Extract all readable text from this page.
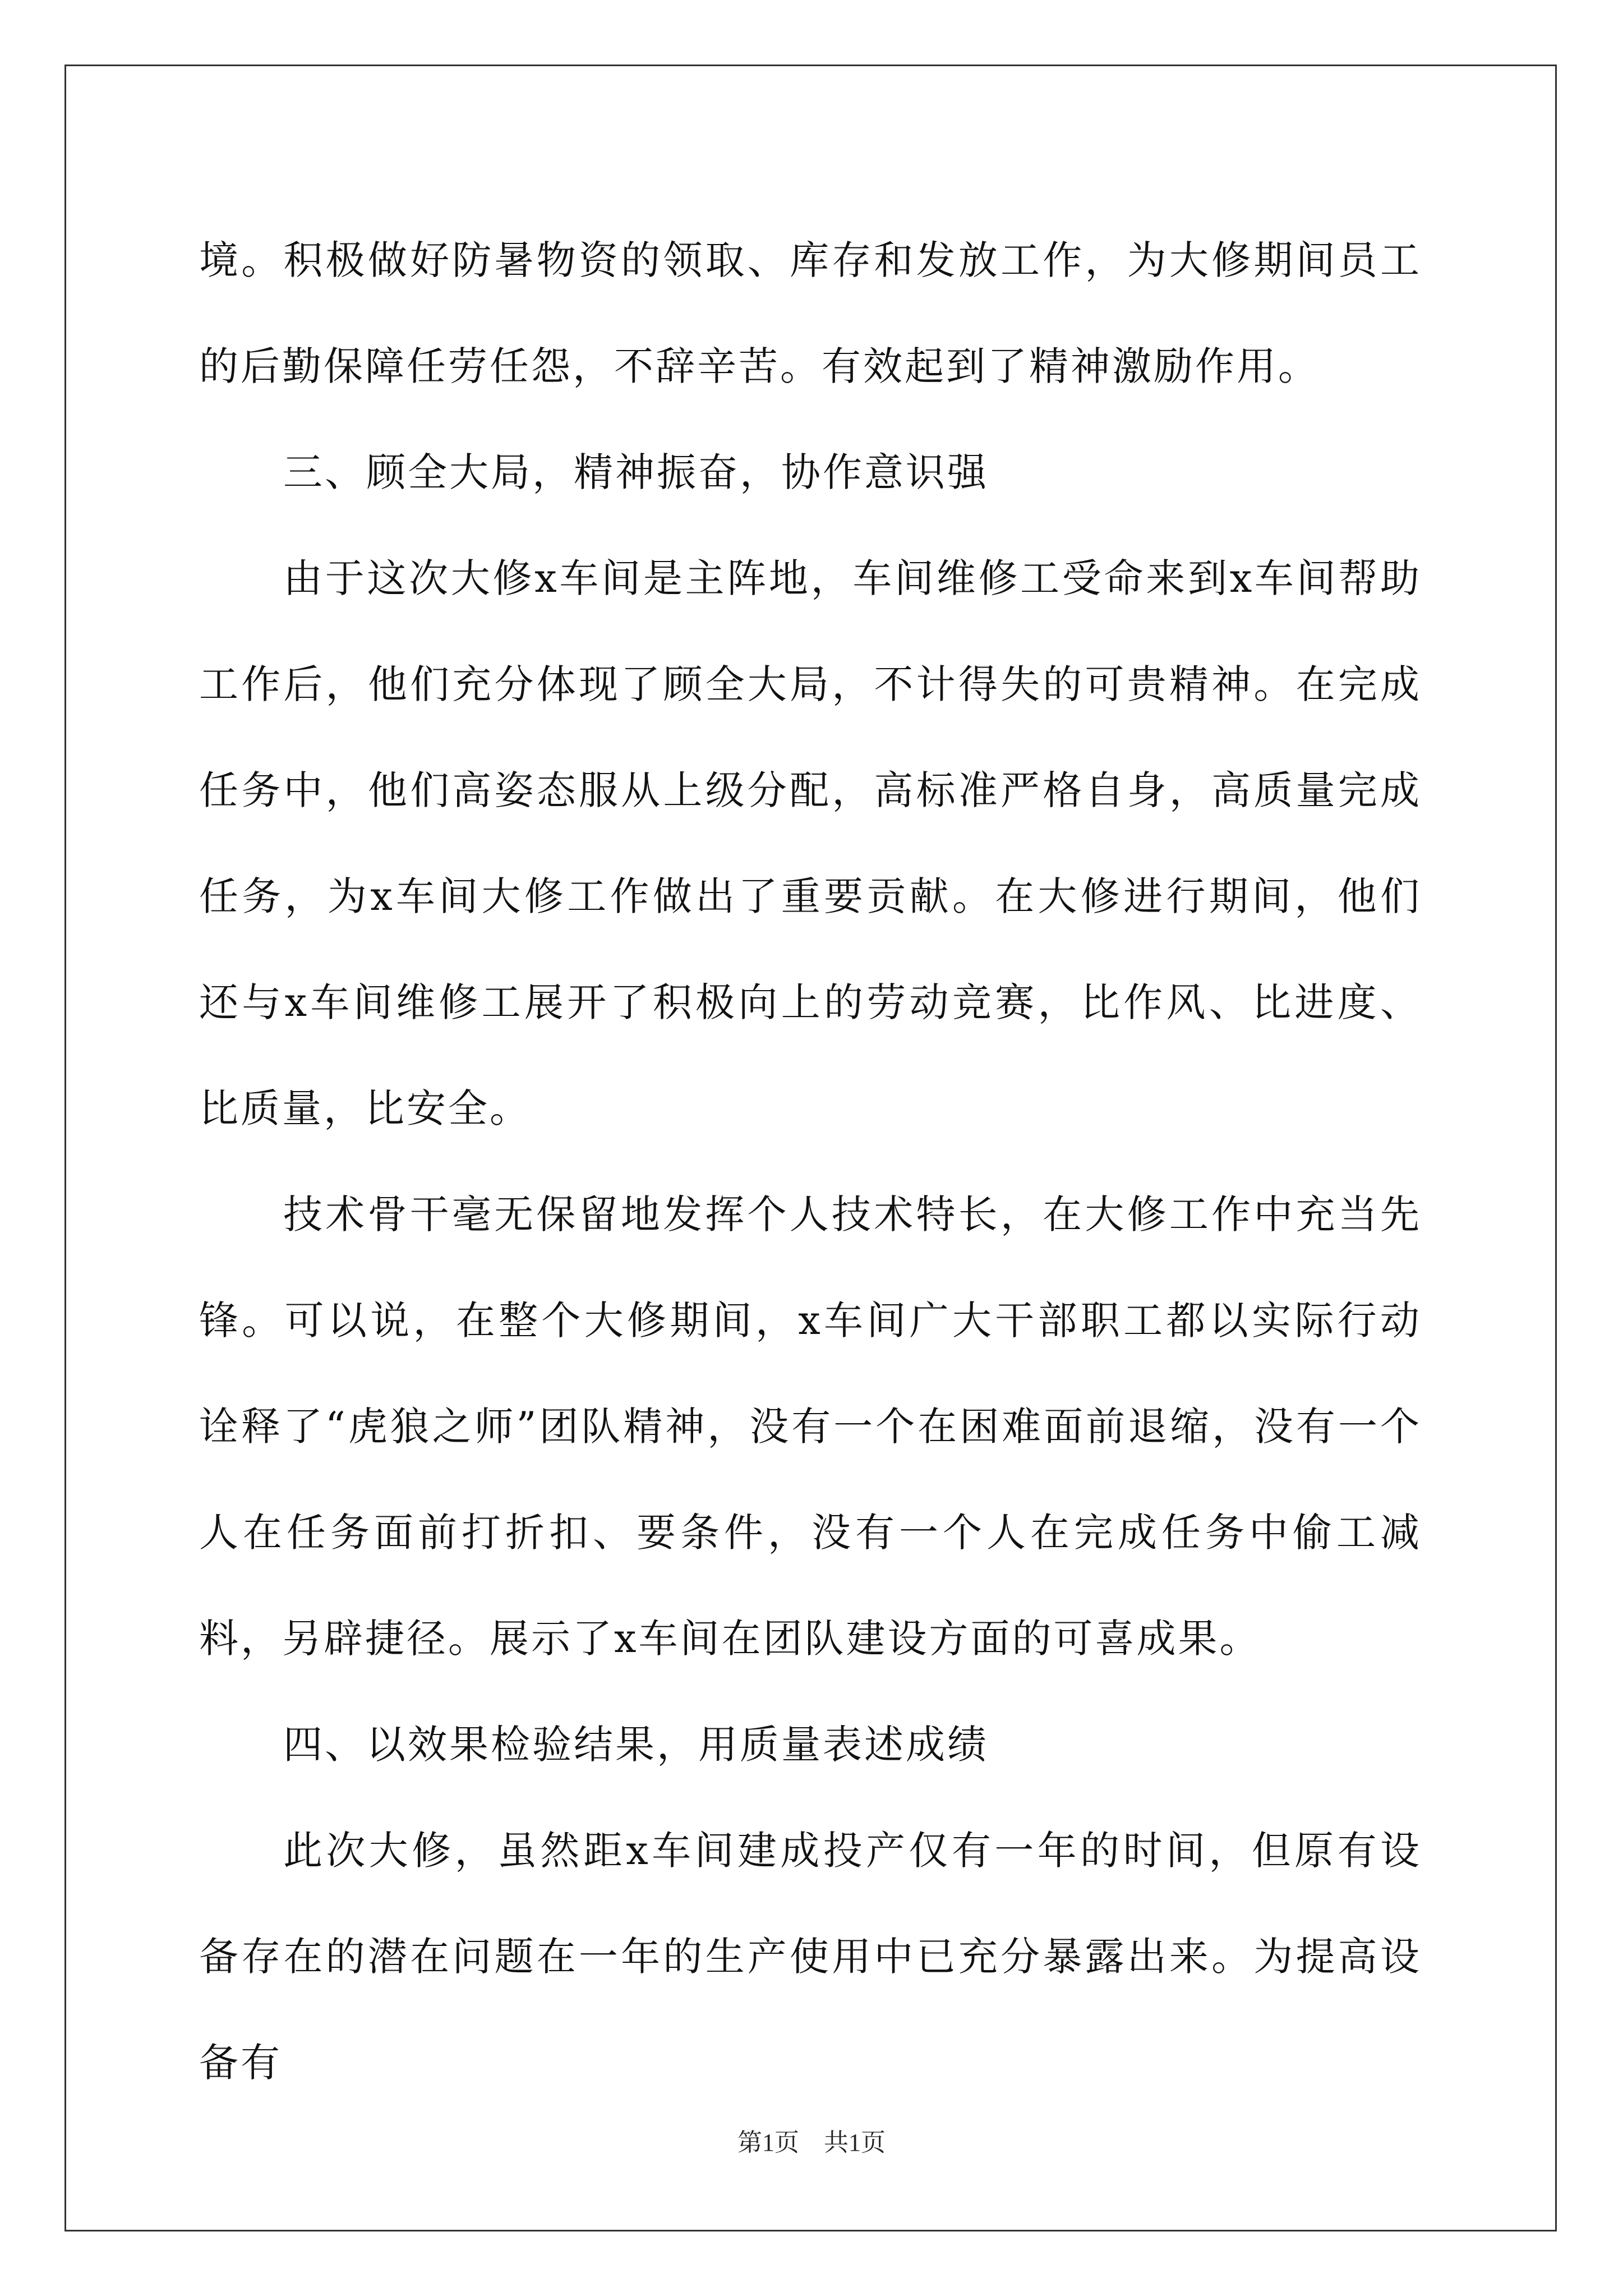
境。积极做好防暑物资的领取、库存和发放工作，为大修期间员工的后勤保障任劳任怨，不辞辛苦。有效起到了精神激励作用。

三、顾全大局，精神振奋，协作意识强

由于这次大修x车间是主阵地，车间维修工受命来到x车间帮助工作后，他们充分体现了顾全大局，不计得失的可贵精神。在完成任务中，他们高姿态服从上级分配，高标准严格自身，高质量完成任务，为x车间大修工作做出了重要贡献。在大修进行期间，他们还与x车间维修工展开了积极向上的劳动竞赛，比作风、比进度、比质量，比安全。

技术骨干毫无保留地发挥个人技术特长，在大修工作中充当先锋。可以说，在整个大修期间，x车间广大干部职工都以实际行动诠释了“虎狼之师”团队精神，没有一个在困难面前退缩，没有一个人在任务面前打折扣、要条件，没有一个人在完成任务中偷工减料，另辟捷径。展示了x车间在团队建设方面的可喜成果。

四、以效果检验结果，用质量表述成绩

此次大修，虽然距x车间建成投产仅有一年的时间，但原有设备存在的潜在问题在一年的生产使用中已充分暴露出来。为提高设备有

第1页　共1页
